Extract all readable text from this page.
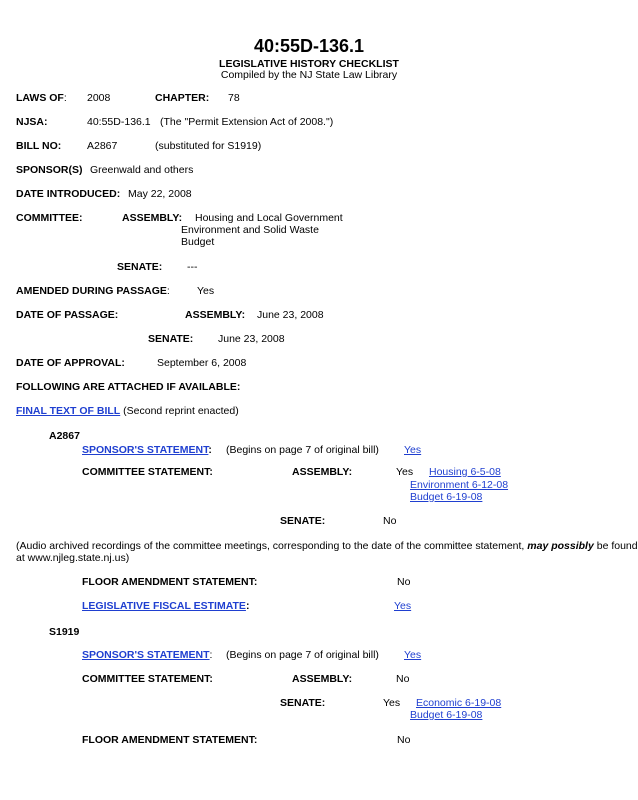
40:55D-136.1
LEGISLATIVE HISTORY CHECKLIST
Compiled by the NJ State Law Library
LAWS OF: 2008	CHAPTER: 78
NJSA:	40:55D-136.1 (The "Permit Extension Act of 2008.")
BILL NO: A2867	(substituted for S1919)
SPONSOR(S) Greenwald and others
DATE INTRODUCED: May 22, 2008
COMMITTEE:	ASSEMBLY: Housing and Local Government
Environment and Solid Waste
Budget
SENATE: ---
AMENDED DURING PASSAGE:	Yes
DATE OF PASSAGE:	ASSEMBLY: June 23, 2008
SENATE: June 23, 2008
DATE OF APPROVAL:	September 6, 2008
FOLLOWING ARE ATTACHED IF AVAILABLE:
FINAL TEXT OF BILL (Second reprint enacted)
A2867
SPONSOR'S STATEMENT: (Begins on page 7 of original bill) Yes
COMMITTEE STATEMENT:	ASSEMBLY:	Yes Housing 6-5-08
Environment 6-12-08
Budget 6-19-08
SENATE:	No
(Audio archived recordings of the committee meetings, corresponding to the date of the committee statement, may possibly be found
at www.njleg.state.nj.us)
FLOOR AMENDMENT STATEMENT:	No
LEGISLATIVE FISCAL ESTIMATE:	Yes
S1919
SPONSOR'S STATEMENT: (Begins on page 7 of original bill) Yes
COMMITTEE STATEMENT:	ASSEMBLY:	No
SENATE:	Yes Economic 6-19-08
Budget 6-19-08
FLOOR AMENDMENT STATEMENT:	No
